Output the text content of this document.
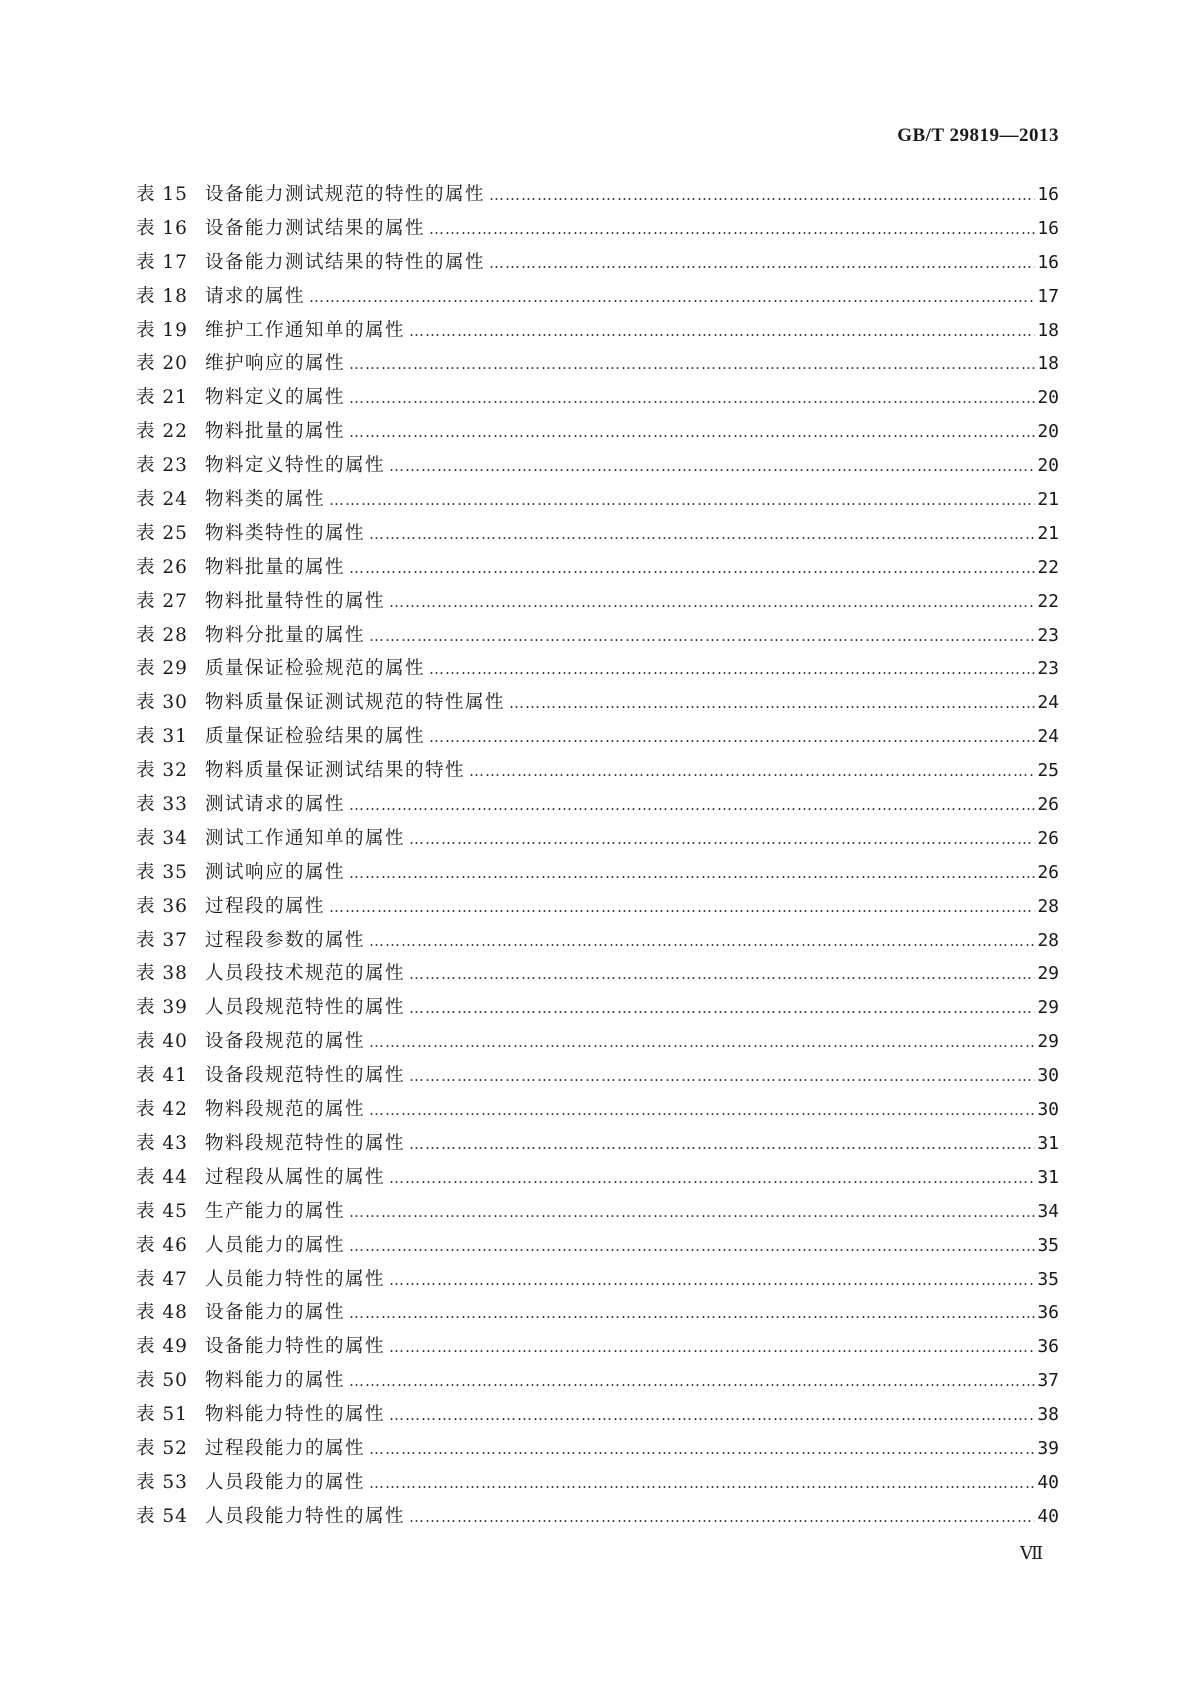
GB/T 29819—2013
表 15 设备能力测试规范的特性的属性 ……………………………………………………………………………………………………………………………………………………………………………………………………	16
表 16 设备能力测试结果的属性 ……………………………………………………………………………………………………………………………………………………………………………………………………	16
表 17 设备能力测试结果的特性的属性 ……………………………………………………………………………………………………………………………………………………………………………………………………	16
表 18 请求的属性 ……………………………………………………………………………………………………………………………………………………………………………………………………	17
表 19 维护工作通知单的属性 ……………………………………………………………………………………………………………………………………………………………………………………………………	18
表 20 维护响应的属性 ……………………………………………………………………………………………………………………………………………………………………………………………………	18
表 21 物料定义的属性 ……………………………………………………………………………………………………………………………………………………………………………………………………	20
表 22 物料批量的属性 ……………………………………………………………………………………………………………………………………………………………………………………………………	20
表 23 物料定义特性的属性 ……………………………………………………………………………………………………………………………………………………………………………………………………	20
表 24 物料类的属性 ……………………………………………………………………………………………………………………………………………………………………………………………………	21
表 25 物料类特性的属性 ……………………………………………………………………………………………………………………………………………………………………………………………………	21
表 26 物料批量的属性 ……………………………………………………………………………………………………………………………………………………………………………………………………	22
表 27 物料批量特性的属性 ……………………………………………………………………………………………………………………………………………………………………………………………………	22
表 28 物料分批量的属性 ……………………………………………………………………………………………………………………………………………………………………………………………………	23
表 29 质量保证检验规范的属性 ……………………………………………………………………………………………………………………………………………………………………………………………………	23
表 30 物料质量保证测试规范的特性属性 ……………………………………………………………………………………………………………………………………………………………………………………………………	24
表 31 质量保证检验结果的属性 ……………………………………………………………………………………………………………………………………………………………………………………………………	24
表 32 物料质量保证测试结果的特性 ……………………………………………………………………………………………………………………………………………………………………………………………………	25
表 33 测试请求的属性 ……………………………………………………………………………………………………………………………………………………………………………………………………	26
表 34 测试工作通知单的属性 ……………………………………………………………………………………………………………………………………………………………………………………………………	26
表 35 测试响应的属性 ……………………………………………………………………………………………………………………………………………………………………………………………………	26
表 36 过程段的属性 ……………………………………………………………………………………………………………………………………………………………………………………………………	28
表 37 过程段参数的属性 ……………………………………………………………………………………………………………………………………………………………………………………………………	28
表 38 人员段技术规范的属性 ……………………………………………………………………………………………………………………………………………………………………………………………………	29
表 39 人员段规范特性的属性 ……………………………………………………………………………………………………………………………………………………………………………………………………	29
表 40 设备段规范的属性 ……………………………………………………………………………………………………………………………………………………………………………………………………	29
表 41 设备段规范特性的属性 ……………………………………………………………………………………………………………………………………………………………………………………………………	30
表 42 物料段规范的属性 ……………………………………………………………………………………………………………………………………………………………………………………………………	30
表 43 物料段规范特性的属性 ……………………………………………………………………………………………………………………………………………………………………………………………………	31
表 44 过程段从属性的属性 ……………………………………………………………………………………………………………………………………………………………………………………………………	31
表 45 生产能力的属性 ……………………………………………………………………………………………………………………………………………………………………………………………………	34
表 46 人员能力的属性 ……………………………………………………………………………………………………………………………………………………………………………………………………	35
表 47 人员能力特性的属性 ……………………………………………………………………………………………………………………………………………………………………………………………………	35
表 48 设备能力的属性 ……………………………………………………………………………………………………………………………………………………………………………………………………	36
表 49 设备能力特性的属性 ……………………………………………………………………………………………………………………………………………………………………………………………………	36
表 50 物料能力的属性 ……………………………………………………………………………………………………………………………………………………………………………………………………	37
表 51 物料能力特性的属性 ……………………………………………………………………………………………………………………………………………………………………………………………………	38
表 52 过程段能力的属性 ……………………………………………………………………………………………………………………………………………………………………………………………………	39
表 53 人员段能力的属性 ……………………………………………………………………………………………………………………………………………………………………………………………………	40
表 54 人员段能力特性的属性 ……………………………………………………………………………………………………………………………………………………………………………………………………	40
Ⅶ
